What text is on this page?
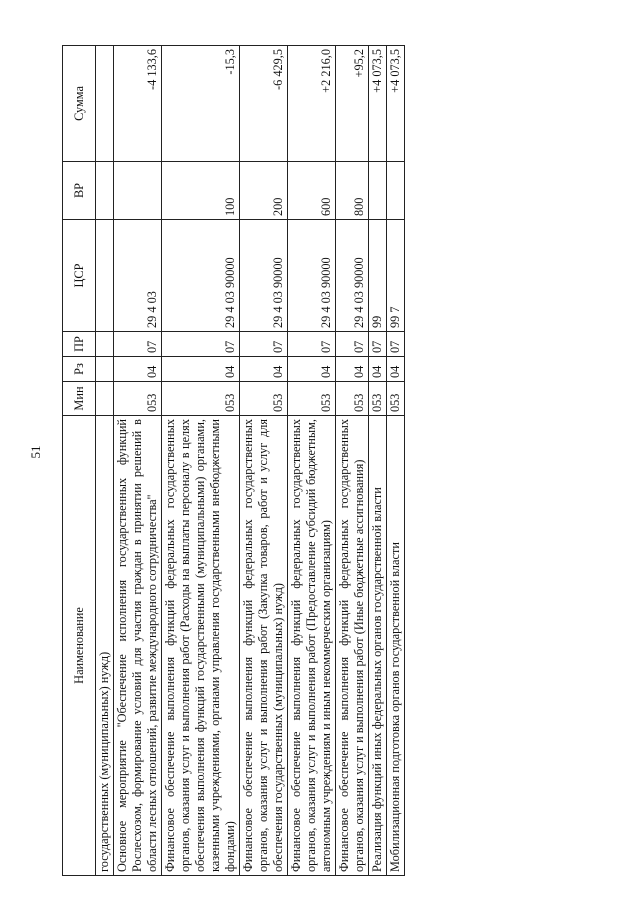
51
Наименование	Мин	Рз	ПР	ЦСР	ВР	Сумма
государственных (муниципальных) нужд)						
Основное мероприятие "Обеспечение исполнения государственных функций Рослесхозом, формирование условий для участия граждан в принятии решений в области лесных отношений, развитие международного сотрудничества"	053	04	07	29 4 03		-4 133,6
Финансовое обеспечение выполнения функций федеральных государственных органов, оказания услуг и выполнения работ (Расходы на выплаты персоналу в целях обеспечения выполнения функций государственными (муниципальными) органами, казенными учреждениями, органами управления государственными внебюджетными фондами)	053	04	07	29 4 03 90000	100	-15,3
Финансовое обеспечение выполнения функций федеральных государственных органов, оказания услуг и выполнения работ (Закупка товаров, работ и услуг для обеспечения государственных (муниципальных) нужд)	053	04	07	29 4 03 90000	200	-6 429,5
Финансовое обеспечение выполнения функций федеральных государственных органов, оказания услуг и выполнения работ (Предоставление субсидий бюджетным, автономным учреждениям и иным некоммерческим организациям)	053	04	07	29 4 03 90000	600	+2 216,0
Финансовое обеспечение выполнения функций федеральных государственных органов, оказания услуг и выполнения работ (Иные бюджетные ассигнования)	053	04	07	29 4 03 90000	800	+95,2
Реализация функций иных федеральных органов государственной власти	053	04	07	99		+4 073,5
Мобилизационная подготовка органов государственной власти	053	04	07	99 7		+4 073,5
